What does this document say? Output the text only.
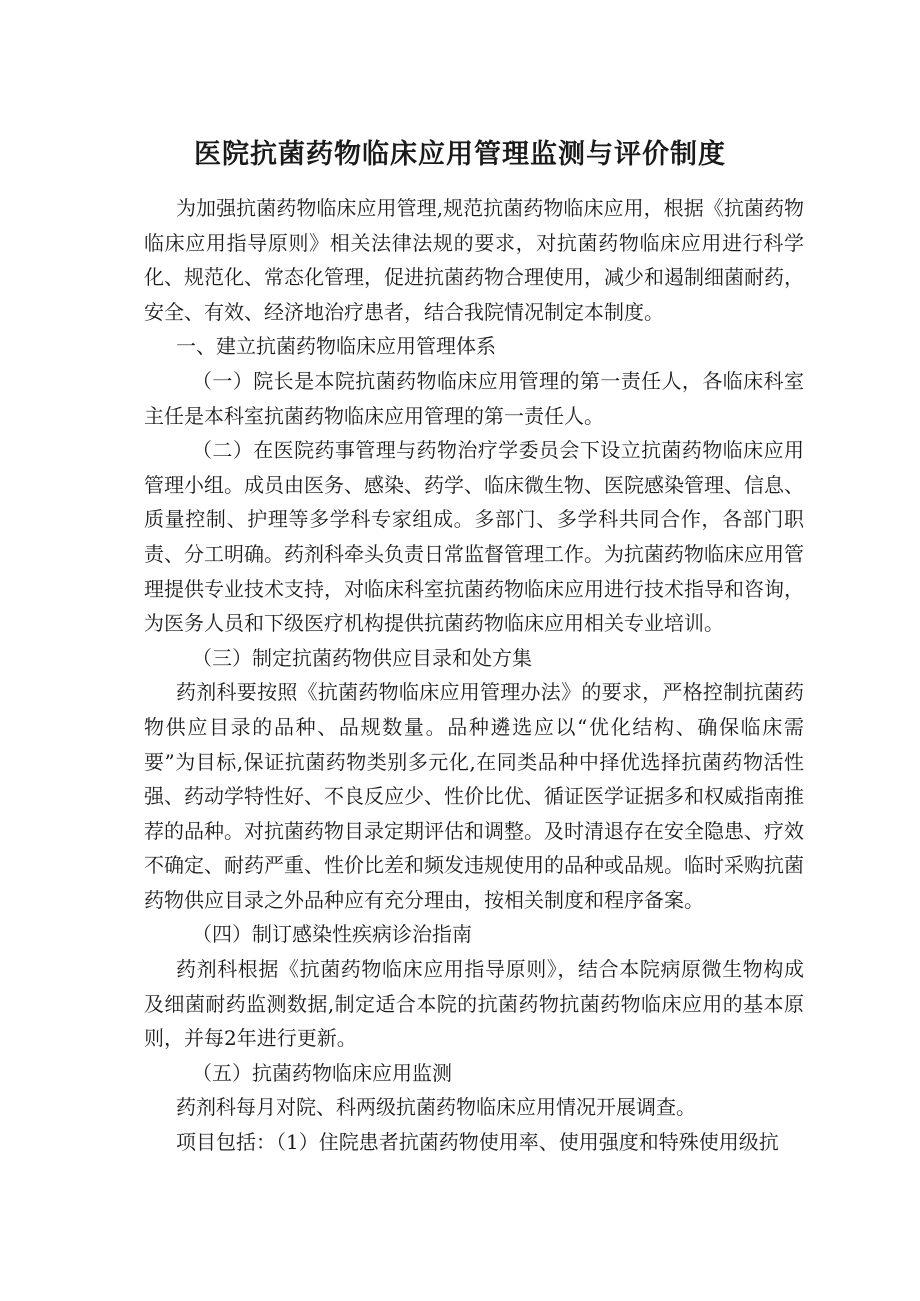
医院抗菌药物临床应用管理监测与评价制度

为加强抗菌药物临床应用管理,规范抗菌药物临床应用，根据《抗菌药物临床应用指导原则》相关法律法规的要求，对抗菌药物临床应用进行科学化、规范化、常态化管理，促进抗菌药物合理使用，减少和遏制细菌耐药，安全、有效、经济地治疗患者，结合我院情况制定本制度。

一、建立抗菌药物临床应用管理体系

（一）院长是本院抗菌药物临床应用管理的第一责任人，各临床科室主任是本科室抗菌药物临床应用管理的第一责任人。

（二）在医院药事管理与药物治疗学委员会下设立抗菌药物临床应用管理小组。成员由医务、感染、药学、临床微生物、医院感染管理、信息、质量控制、护理等多学科专家组成。多部门、多学科共同合作，各部门职责、分工明确。药剂科牵头负责日常监督管理工作。为抗菌药物临床应用管理提供专业技术支持，对临床科室抗菌药物临床应用进行技术指导和咨询，为医务人员和下级医疗机构提供抗菌药物临床应用相关专业培训。

（三）制定抗菌药物供应目录和处方集

药剂科要按照《抗菌药物临床应用管理办法》的要求，严格控制抗菌药物供应目录的品种、品规数量。品种遴选应以“优化结构、确保临床需要”为目标,保证抗菌药物类别多元化,在同类品种中择优选择抗菌药物活性强、药动学特性好、不良反应少、性价比优、循证医学证据多和权威指南推荐的品种。对抗菌药物目录定期评估和调整。及时清退存在安全隐患、疗效不确定、耐药严重、性价比差和频发违规使用的品种或品规。临时采购抗菌药物供应目录之外品种应有充分理由，按相关制度和程序备案。

（四）制订感染性疾病诊治指南

药剂科根据《抗菌药物临床应用指导原则》，结合本院病原微生物构成及细菌耐药监测数据,制定适合本院的抗菌药物抗菌药物临床应用的基本原则，并每2年进行更新。

（五）抗菌药物临床应用监测

药剂科每月对院、科两级抗菌药物临床应用情况开展调查。

项目包括：（1）住院患者抗菌药物使用率、使用强度和特殊使用级抗
